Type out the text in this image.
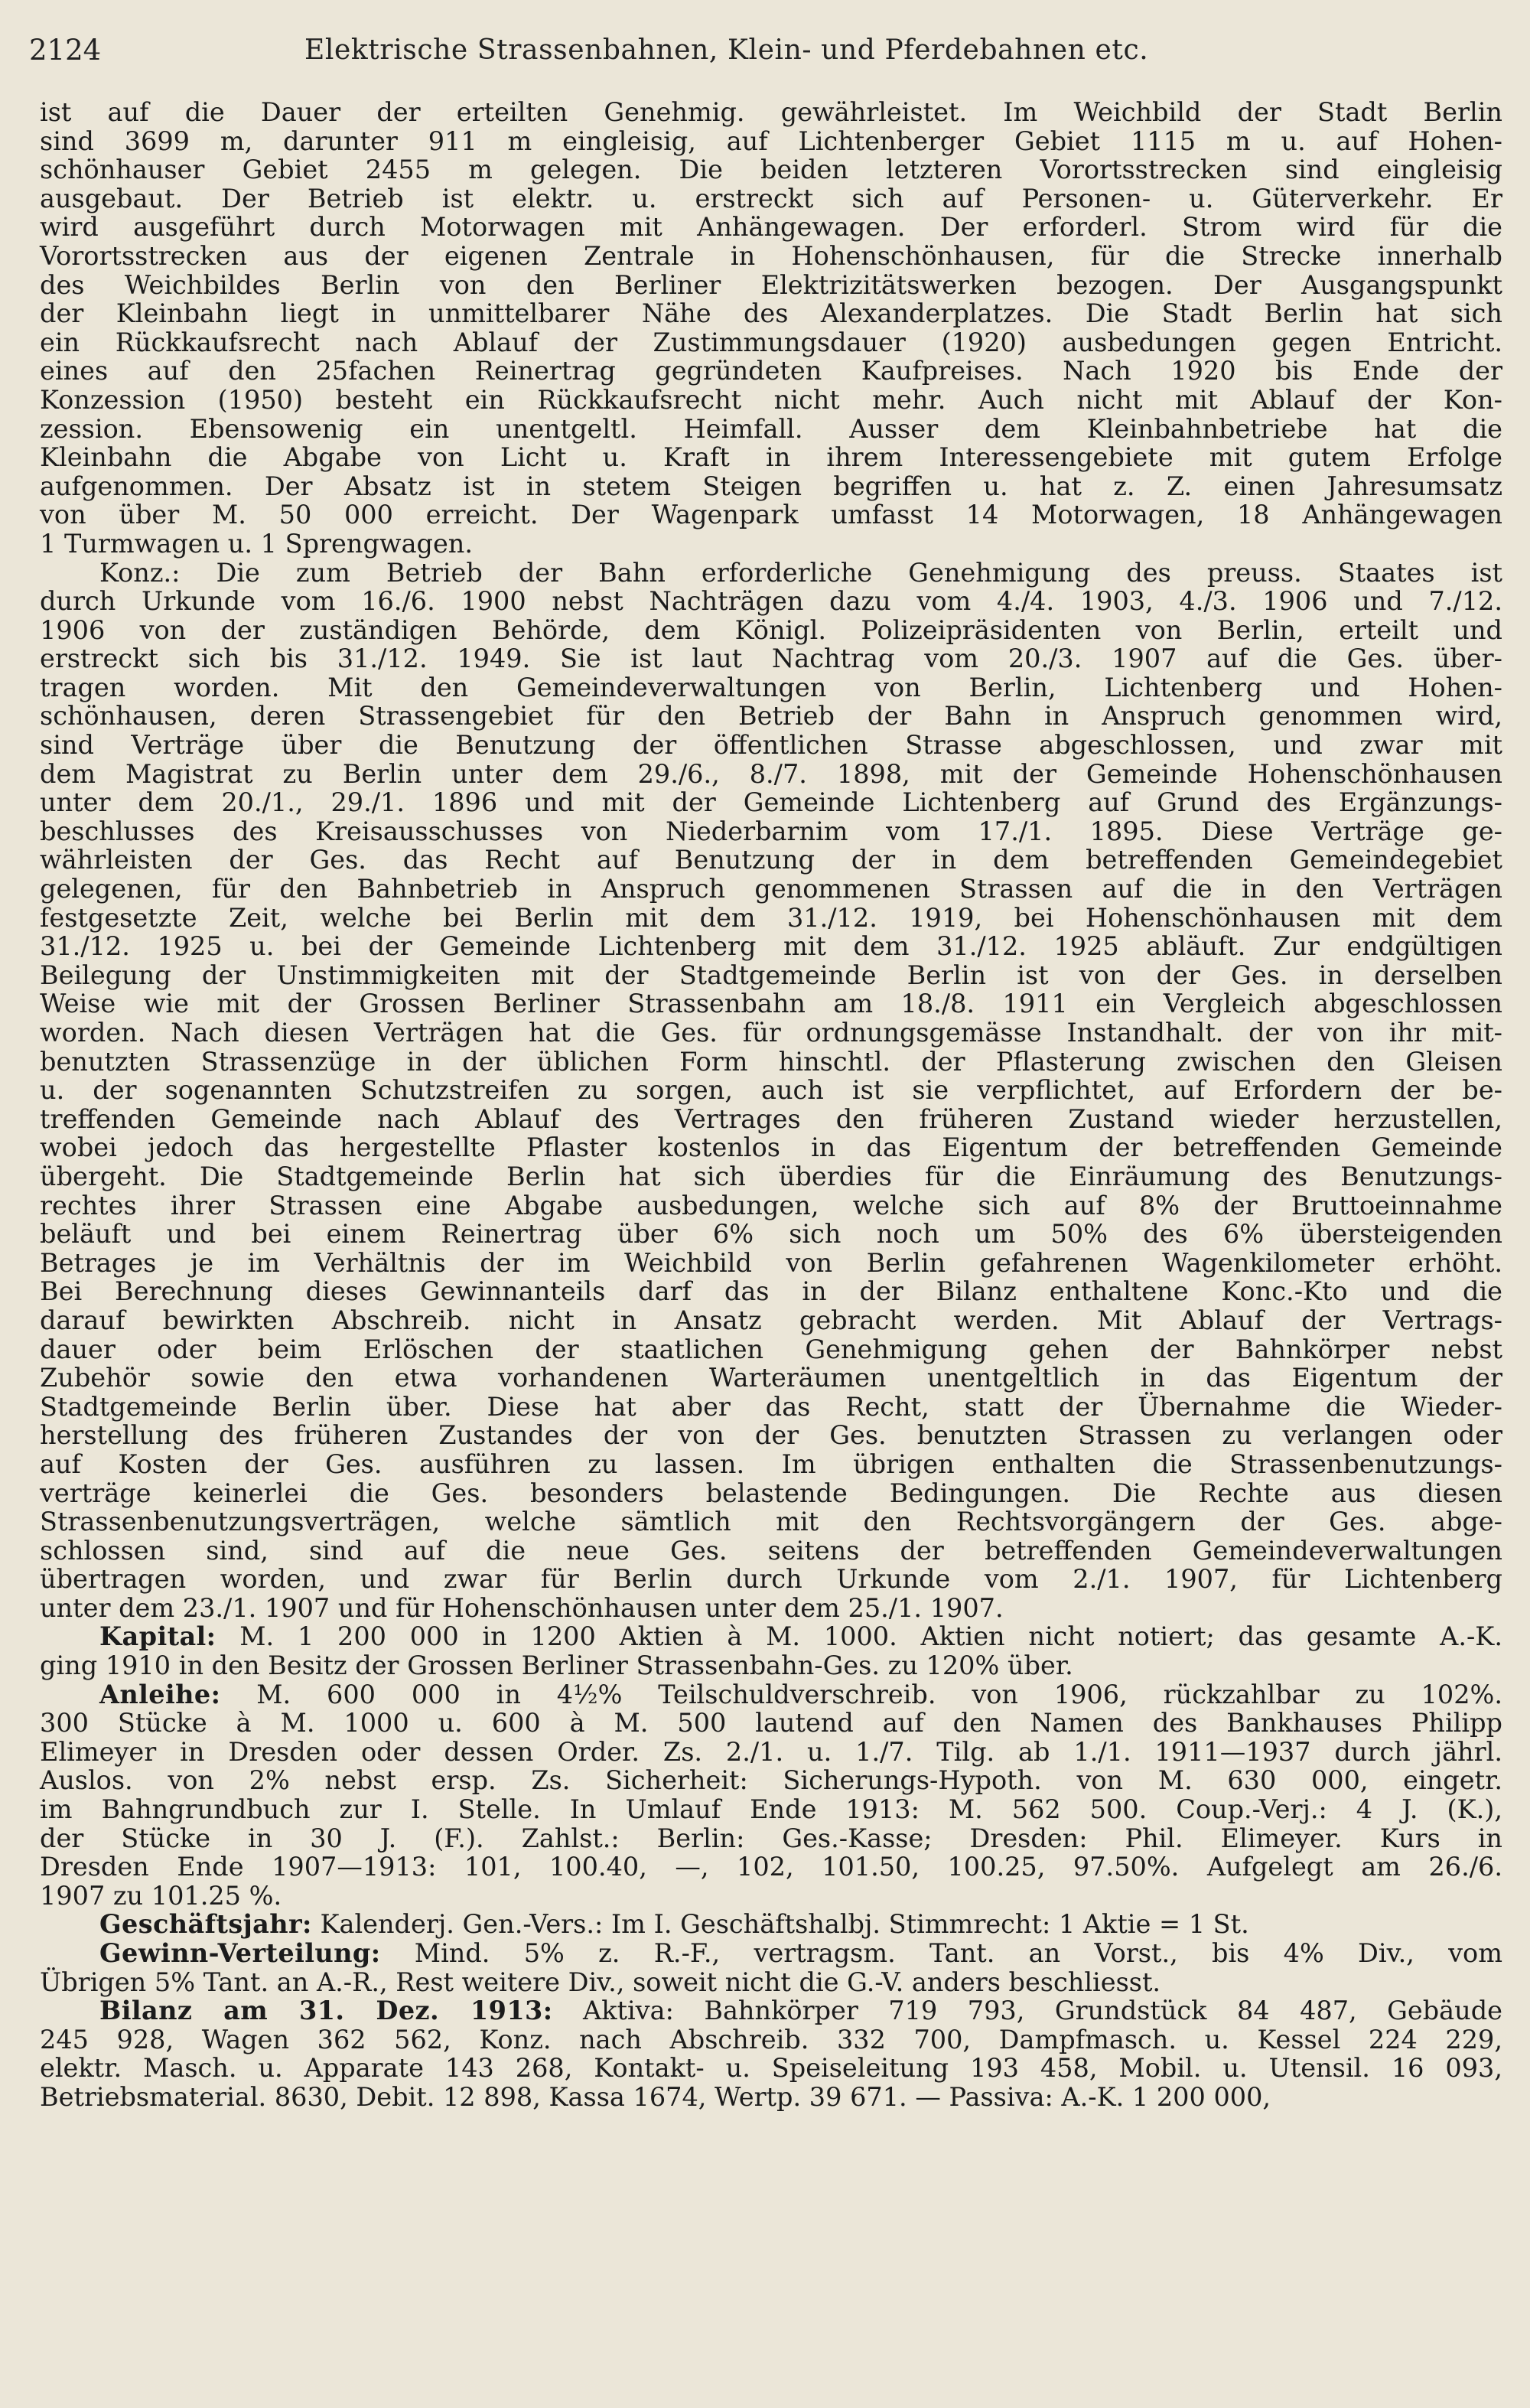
2124	Elektrische Strassenbahnen, Klein- und Pferdebahnen etc.
ist auf die Dauer der erteilten Genehmig. gewährleistet. Im Weichbild der Stadt Berlin
sind 3699 m, darunter 911 m eingleisig, auf Lichtenberger Gebiet 1115 m u. auf Hohen-
schönhauser Gebiet 2455 m gelegen. Die beiden letzteren Vorortsstrecken sind eingleisig
ausgebaut. Der Betrieb ist elektr. u. erstreckt sich auf Personen- u. Güterverkehr. Er
wird ausgeführt durch Motorwagen mit Anhängewagen. Der erforderl. Strom wird für die
Vorortsstrecken aus der eigenen Zentrale in Hohenschönhausen, für die Strecke innerhalb
des Weichbildes Berlin von den Berliner Elektrizitätswerken bezogen. Der Ausgangspunkt
der Kleinbahn liegt in unmittelbarer Nähe des Alexanderplatzes. Die Stadt Berlin hat sich
ein Rückkaufsrecht nach Ablauf der Zustimmungsdauer (1920) ausbedungen gegen Entricht.
eines auf den 25fachen Reinertrag gegründeten Kaufpreises. Nach 1920 bis Ende der
Konzession (1950) besteht ein Rückkaufsrecht nicht mehr. Auch nicht mit Ablauf der Kon-
zession. Ebensowenig ein unentgeltl. Heimfall. Ausser dem Kleinbahnbetriebe hat die
Kleinbahn die Abgabe von Licht u. Kraft in ihrem Interessengebiete mit gutem Erfolge
aufgenommen. Der Absatz ist in stetem Steigen begriffen u. hat z. Z. einen Jahresumsatz
von über M. 50 000 erreicht. Der Wagenpark umfasst 14 Motorwagen, 18 Anhängewagen
1 Turmwagen u. 1 Sprengwagen.
Konz.: Die zum Betrieb der Bahn erforderliche Genehmigung des preuss. Staates ist
durch Urkunde vom 16./6. 1900 nebst Nachträgen dazu vom 4./4. 1903, 4./3. 1906 und 7./12.
1906 von der zuständigen Behörde, dem Königl. Polizeipräsidenten von Berlin, erteilt und
erstreckt sich bis 31./12. 1949. Sie ist laut Nachtrag vom 20./3. 1907 auf die Ges. über-
tragen worden. Mit den Gemeindeverwaltungen von Berlin, Lichtenberg und Hohen-
schönhausen, deren Strassengebiet für den Betrieb der Bahn in Anspruch genommen wird,
sind Verträge über die Benutzung der öffentlichen Strasse abgeschlossen, und zwar mit
dem Magistrat zu Berlin unter dem 29./6., 8./7. 1898, mit der Gemeinde Hohenschönhausen
unter dem 20./1., 29./1. 1896 und mit der Gemeinde Lichtenberg auf Grund des Ergänzungs-
beschlusses des Kreisausschusses von Niederbarnim vom 17./1. 1895. Diese Verträge ge-
währleisten der Ges. das Recht auf Benutzung der in dem betreffenden Gemeindegebiet
gelegenen, für den Bahnbetrieb in Anspruch genommenen Strassen auf die in den Verträgen
festgesetzte Zeit, welche bei Berlin mit dem 31./12. 1919, bei Hohenschönhausen mit dem
31./12. 1925 u. bei der Gemeinde Lichtenberg mit dem 31./12. 1925 abläuft. Zur endgültigen
Beilegung der Unstimmigkeiten mit der Stadtgemeinde Berlin ist von der Ges. in derselben
Weise wie mit der Grossen Berliner Strassenbahn am 18./8. 1911 ein Vergleich abgeschlossen
worden. Nach diesen Verträgen hat die Ges. für ordnungsgemässe Instandhalt. der von ihr mit-
benutzten Strassenzüge in der üblichen Form hinschtl. der Pflasterung zwischen den Gleisen
u. der sogenannten Schutzstreifen zu sorgen, auch ist sie verpflichtet, auf Erfordern der be-
treffenden Gemeinde nach Ablauf des Vertrages den früheren Zustand wieder herzustellen,
wobei jedoch das hergestellte Pflaster kostenlos in das Eigentum der betreffenden Gemeinde
übergeht. Die Stadtgemeinde Berlin hat sich überdies für die Einräumung des Benutzungs-
rechtes ihrer Strassen eine Abgabe ausbedungen, welche sich auf 8% der Bruttoeinnahme
beläuft und bei einem Reinertrag über 6% sich noch um 50% des 6% übersteigenden
Betrages je im Verhältnis der im Weichbild von Berlin gefahrenen Wagenkilometer erhöht.
Bei Berechnung dieses Gewinnanteils darf das in der Bilanz enthaltene Konc.-Kto und die
darauf bewirkten Abschreib. nicht in Ansatz gebracht werden. Mit Ablauf der Vertrags-
dauer oder beim Erlöschen der staatlichen Genehmigung gehen der Bahnkörper nebst
Zubehör sowie den etwa vorhandenen Warteräumen unentgeltlich in das Eigentum der
Stadtgemeinde Berlin über. Diese hat aber das Recht, statt der Übernahme die Wieder-
herstellung des früheren Zustandes der von der Ges. benutzten Strassen zu verlangen oder
auf Kosten der Ges. ausführen zu lassen. Im übrigen enthalten die Strassenbenutzungs-
verträge keinerlei die Ges. besonders belastende Bedingungen. Die Rechte aus diesen
Strassenbenutzungsverträgen, welche sämtlich mit den Rechtsvorgängern der Ges. abge-
schlossen sind, sind auf die neue Ges. seitens der betreffenden Gemeindeverwaltungen
übertragen worden, und zwar für Berlin durch Urkunde vom 2./1. 1907, für Lichtenberg
unter dem 23./1. 1907 und für Hohenschönhausen unter dem 25./1. 1907.
Kapital: M. 1 200 000 in 1200 Aktien à M. 1000. Aktien nicht notiert; das gesamte A.-K.
ging 1910 in den Besitz der Grossen Berliner Strassenbahn-Ges. zu 120% über.
Anleihe: M. 600 000 in 4½% Teilschuldverschreib. von 1906, rückzahlbar zu 102%.
300 Stücke à M. 1000 u. 600 à M. 500 lautend auf den Namen des Bankhauses Philipp
Elimeyer in Dresden oder dessen Order. Zs. 2./1. u. 1./7. Tilg. ab 1./1. 1911—1937 durch jährl.
Auslos. von 2% nebst ersp. Zs. Sicherheit: Sicherungs-Hypoth. von M. 630 000, eingetr.
im Bahngrundbuch zur I. Stelle. In Umlauf Ende 1913: M. 562 500. Coup.-Verj.: 4 J. (K.),
der Stücke in 30 J. (F.). Zahlst.: Berlin: Ges.-Kasse; Dresden: Phil. Elimeyer. Kurs in
Dresden Ende 1907—1913: 101, 100.40, —, 102, 101.50, 100.25, 97.50%. Aufgelegt am 26./6.
1907 zu 101.25 %.
Geschäftsjahr: Kalenderj. Gen.-Vers.: Im I. Geschäftshalbj. Stimmrecht: 1 Aktie = 1 St.
Gewinn-Verteilung: Mind. 5% z. R.-F., vertragsm. Tant. an Vorst., bis 4% Div., vom
Übrigen 5% Tant. an A.-R., Rest weitere Div., soweit nicht die G.-V. anders beschliesst.
Bilanz am 31. Dez. 1913: Aktiva: Bahnkörper 719 793, Grundstück 84 487, Gebäude
245 928, Wagen 362 562, Konz. nach Abschreib. 332 700, Dampfmasch. u. Kessel 224 229,
elektr. Masch. u. Apparate 143 268, Kontakt- u. Speiseleitung 193 458, Mobil. u. Utensil. 16 093,
Betriebsmaterial. 8630, Debit. 12 898, Kassa 1674, Wertp. 39 671. — Passiva: A.-K. 1 200 000,
